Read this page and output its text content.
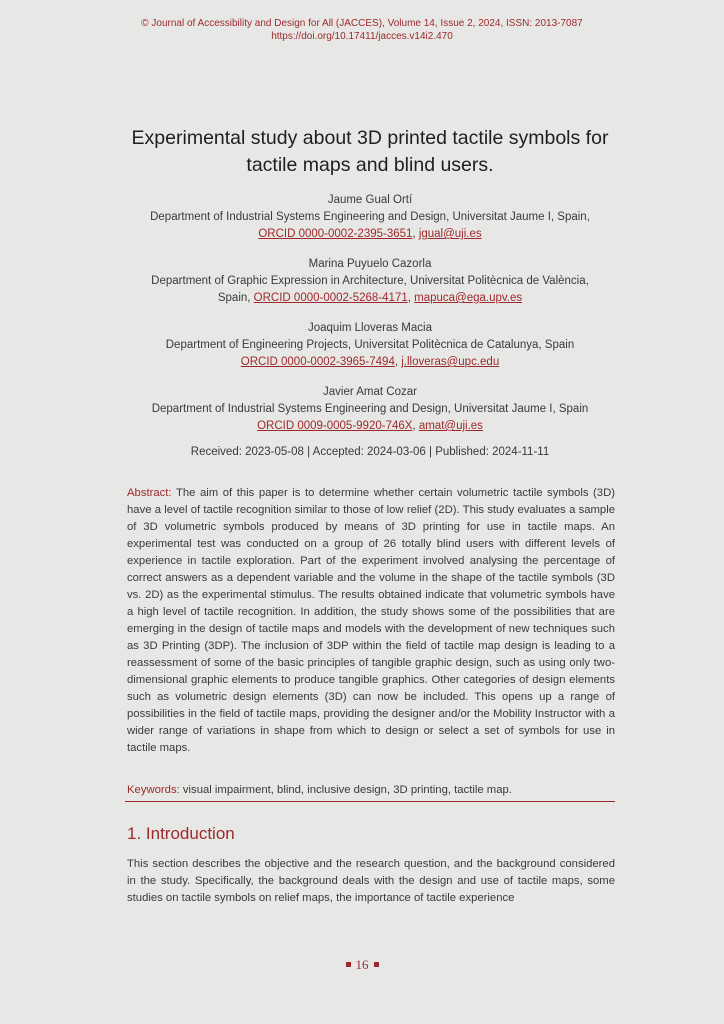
© Journal of Accessibility and Design for All (JACCES), Volume 14, Issue 2, 2024, ISSN: 2013-7087
https://doi.org/10.17411/jacces.v14i2.470
Experimental study about 3D printed tactile symbols for
tactile maps and blind users.
Jaume Gual Ortí
Department of Industrial Systems Engineering and Design, Universitat Jaume I, Spain,
ORCID 0000-0002-2395-3651, jgual@uji.es
Marina Puyuelo Cazorla
Department of Graphic Expression in Architecture, Universitat Politècnica de València,
Spain, ORCID 0000-0002-5268-4171, mapuca@ega.upv.es
Joaquim Lloveras Macia
Department of Engineering Projects, Universitat Politècnica de Catalunya, Spain
ORCID 0000-0002-3965-7494, j.lloveras@upc.edu
Javier Amat Cozar
Department of Industrial Systems Engineering and Design, Universitat Jaume I, Spain
ORCID 0009-0005-9920-746X, amat@uji.es
Received: 2023-05-08 | Accepted: 2024-03-06 | Published: 2024-11-11
Abstract: The aim of this paper is to determine whether certain volumetric tactile symbols (3D) have a level of tactile recognition similar to those of low relief (2D). This study evaluates a sample of 3D volumetric symbols produced by means of 3D printing for use in tactile maps. An experimental test was conducted on a group of 26 totally blind users with different levels of experience in tactile exploration. Part of the experiment involved analysing the percentage of correct answers as a dependent variable and the volume in the shape of the tactile symbols (3D vs. 2D) as the experimental stimulus. The results obtained indicate that volumetric symbols have a high level of tactile recognition. In addition, the study shows some of the possibilities that are emerging in the design of tactile maps and models with the development of new techniques such as 3D Printing (3DP). The inclusion of 3DP within the field of tactile map design is leading to a reassessment of some of the basic principles of tangible graphic design, such as using only two-dimensional graphic elements to produce tangible graphics. Other categories of design elements such as volumetric design elements (3D) can now be included. This opens up a range of possibilities in the field of tactile maps, providing the designer and/or the Mobility Instructor with a wider range of variations in shape from which to design or select a set of symbols for use in tactile maps.
Keywords: visual impairment, blind, inclusive design, 3D printing, tactile map.
1. Introduction
This section describes the objective and the research question, and the background considered in the study. Specifically, the background deals with the design and use of tactile maps, some studies on tactile symbols on relief maps, the importance of tactile experience
16
